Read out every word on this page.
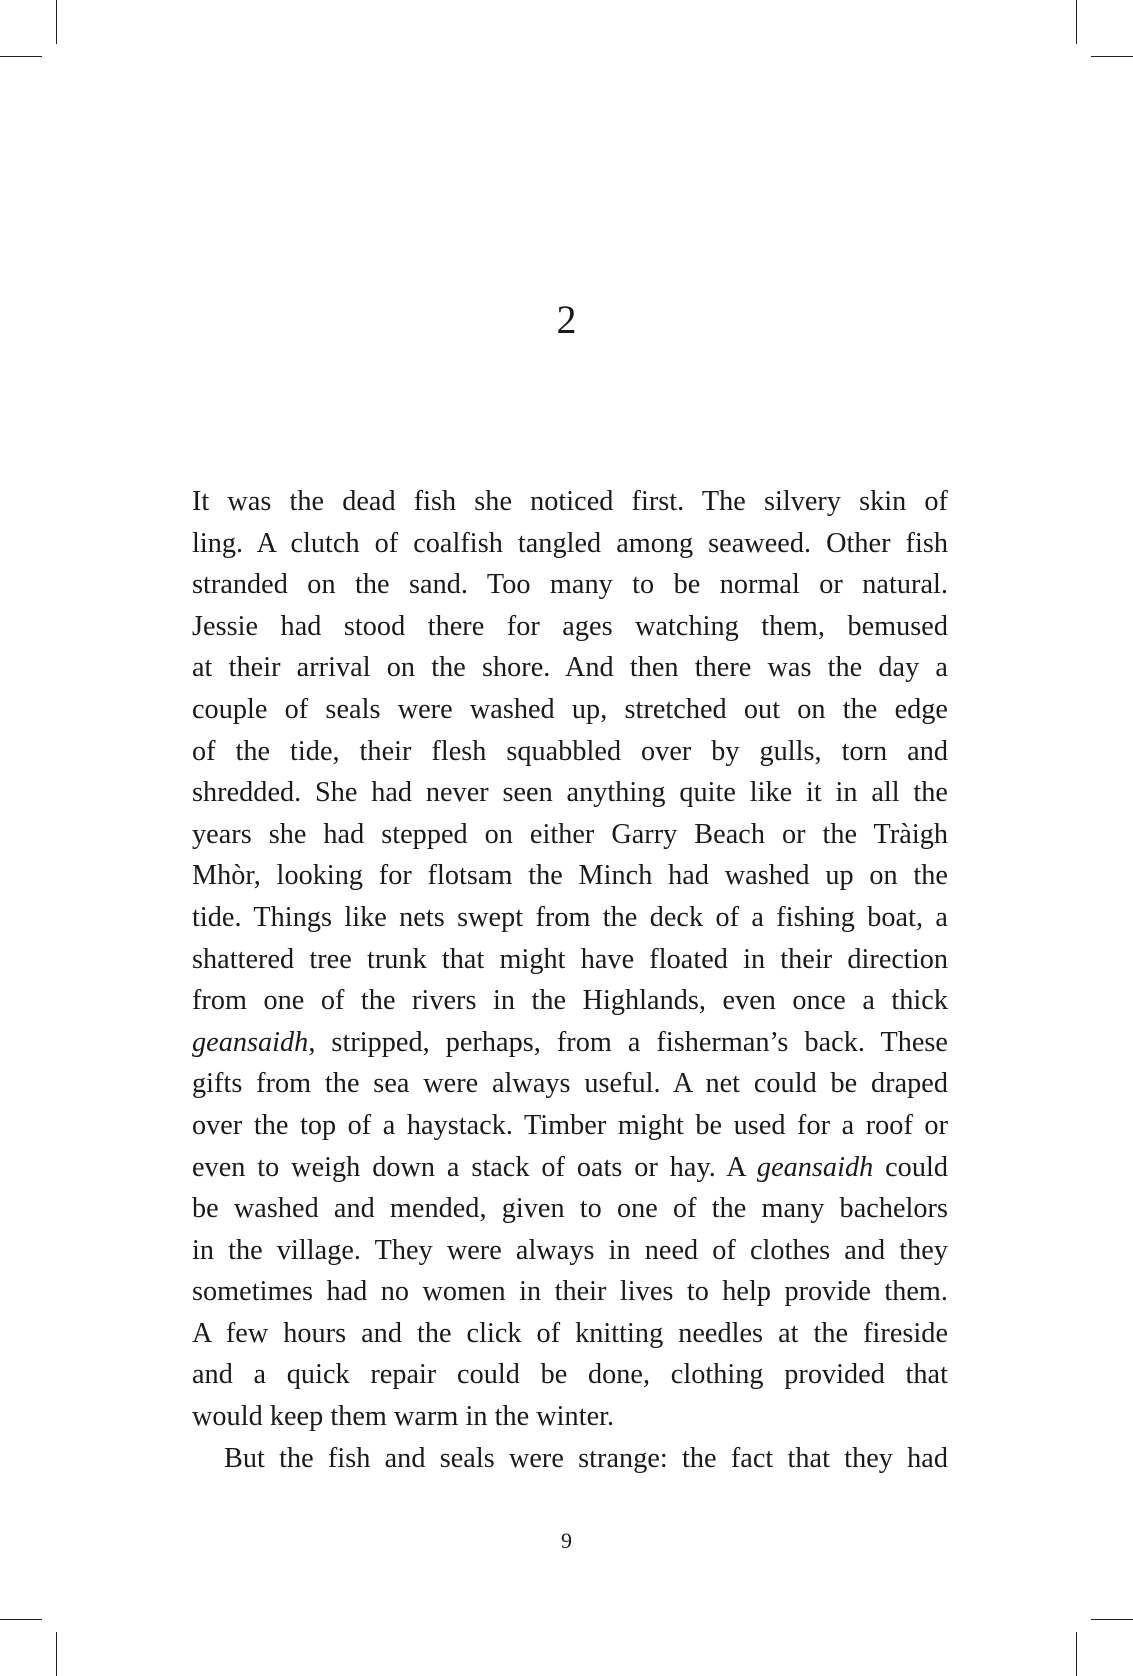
2
It was the dead fish she noticed first. The silvery skin of
ling. A clutch of coalfish tangled among seaweed. Other fish
stranded on the sand. Too many to be normal or natural.
Jessie had stood there for ages watching them, bemused
at their arrival on the shore. And then there was the day a
couple of seals were washed up, stretched out on the edge
of the tide, their flesh squabbled over by gulls, torn and
shredded. She had never seen anything quite like it in all the
years she had stepped on either Garry Beach or the Tràigh
Mhòr, looking for flotsam the Minch had washed up on the
tide. Things like nets swept from the deck of a fishing boat, a
shattered tree trunk that might have floated in their direction
from one of the rivers in the Highlands, even once a thick
geansaidh, stripped, perhaps, from a fisherman’s back. These
gifts from the sea were always useful. A net could be draped
over the top of a haystack. Timber might be used for a roof or
even to weigh down a stack of oats or hay. A geansaidh could
be washed and mended, given to one of the many bachelors
in the village. They were always in need of clothes and they
sometimes had no women in their lives to help provide them.
A few hours and the click of knitting needles at the fireside
and a quick repair could be done, clothing provided that
would keep them warm in the winter.
But the fish and seals were strange: the fact that they had
9
